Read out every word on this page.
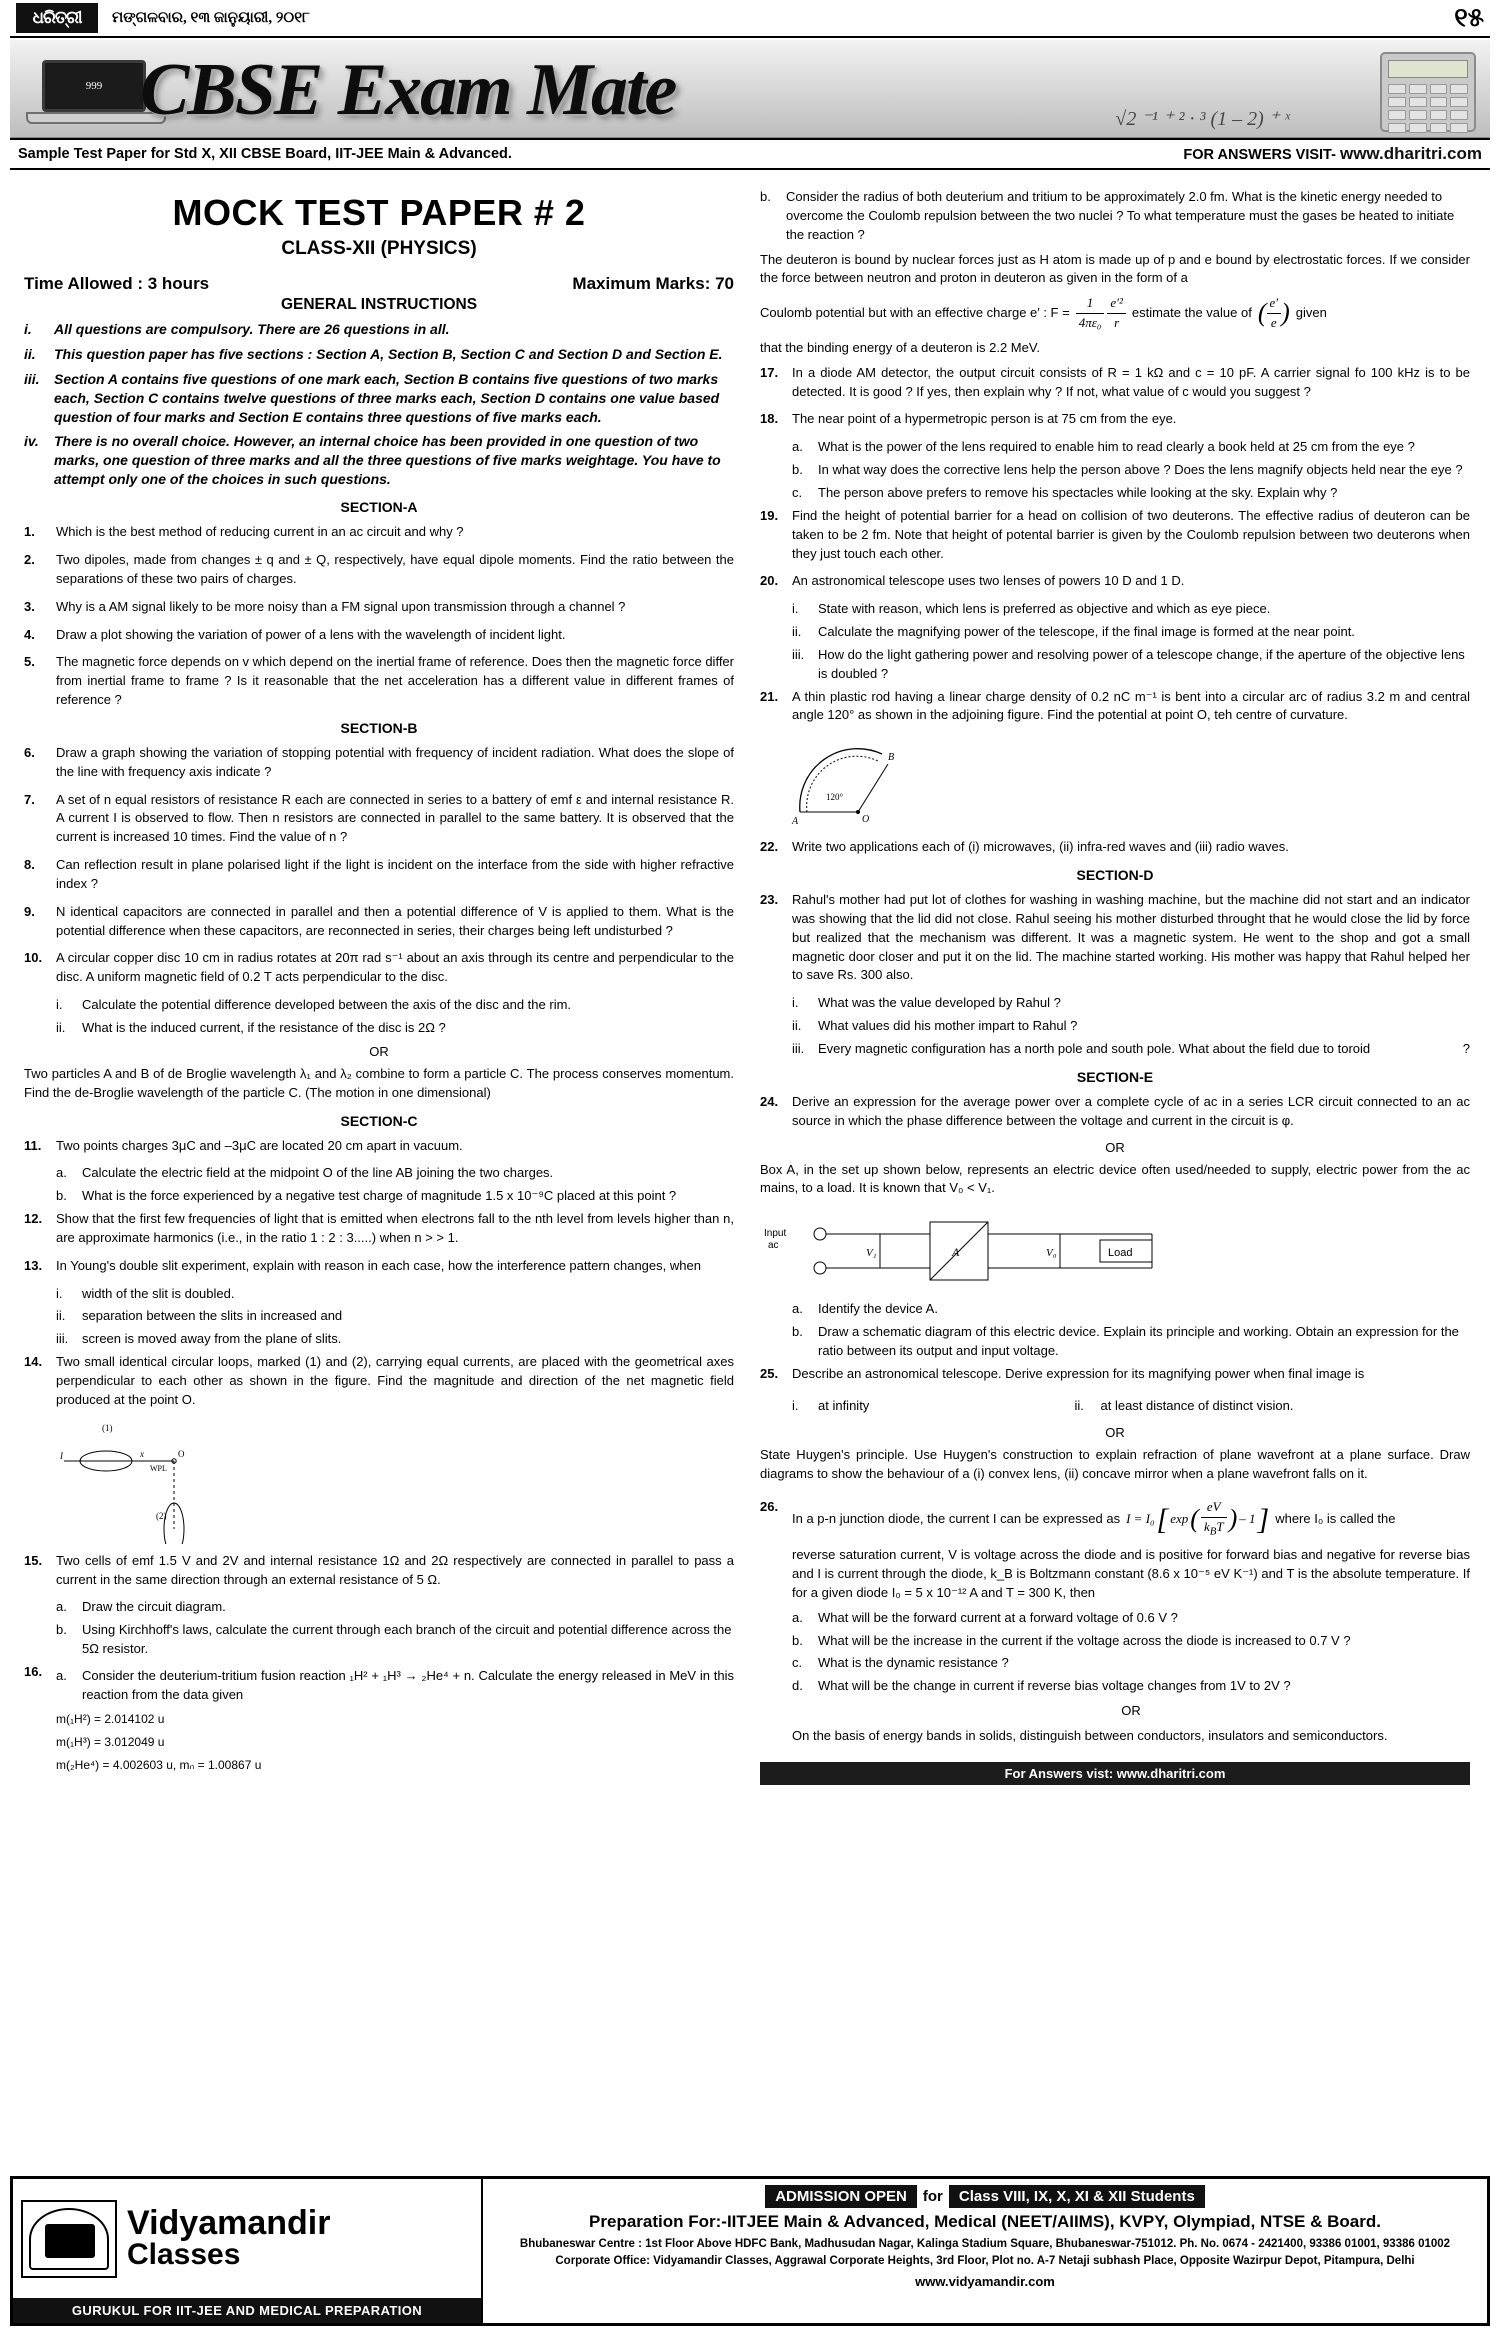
ଧରିତ୍ରୀ	ମଙ୍ଗଳବାର, ୧୩ ଜାନୁୟାରୀ, ୨୦୧୮	୧୫
999 CBSE Exam Mate	√2 ⁻¹ ⁺ ² · ³ (1 – 2) ⁺ ˣ
Sample Test Paper for Std X, XII CBSE Board, IIT-JEE Main & Advanced.	FOR ANSWERS VISIT- www.dharitri.com
MOCK TEST PAPER # 2
CLASS-XII (PHYSICS)
Time Allowed : 3 hours	Maximum Marks: 70
GENERAL INSTRUCTIONS
i.	All questions are compulsory. There are 26 questions in all.
ii.	This question paper has five sections : Section A, Section B, Section C and Section D and Section E.
iii.	Section A contains five questions of one mark each, Section B contains five questions of two marks each, Section C contains twelve questions of three marks each, Section D contains one value based question of four marks and Section E contains three questions of five marks each.
iv.	There is no overall choice. However, an internal choice has been provided in one question of two marks, one question of three marks and all the three questions of five marks weightage. You have to attempt only one of the choices in such questions.
SECTION-A
1.	Which is the best method of reducing current in an ac circuit and why ?
2.	Two dipoles, made from changes ± q and ± Q, respectively, have equal dipole moments. Find the ratio between the separations of these two pairs of charges.
3.	Why is a AM signal likely to be more noisy than a FM signal upon transmission through a channel ?
4.	Draw a plot showing the variation of power of a lens with the wavelength of incident light.
5.	The magnetic force depends on v which depend on the inertial frame of reference. Does then the magnetic force differ from inertial frame to frame ? Is it reasonable that the net acceleration has a different value in different frames of reference ?
SECTION-B
6.	Draw a graph showing the variation of stopping potential with frequency of incident radiation. What does the slope of the line with frequency axis indicate ?
7.	A set of n equal resistors of resistance R each are connected in series to a battery of emf ε and internal resistance R. A current I is observed to flow. Then n resistors are connected in parallel to the same battery. It is observed that the current is increased 10 times. Find the value of n ?
8.	Can reflection result in plane polarised light if the light is incident on the interface from the side with higher refractive index ?
9.	N identical capacitors are connected in parallel and then a potential difference of V is applied to them. What is the potential difference when these capacitors, are reconnected in series, their charges being left undisturbed ?
10.	A circular copper disc 10 cm in radius rotates at 20π rad s⁻¹ about an axis through its centre and perpendicular to the disc. A uniform magnetic field of 0.2 T acts perpendicular to the disc.
i.	Calculate the potential difference developed between the axis of the disc and the rim.
ii.	What is the induced current, if the resistance of the disc is 2Ω ?
OR
Two particles A and B of de Broglie wavelength λ₁ and λ₂ combine to form a particle C. The process conserves momentum. Find the de-Broglie wavelength of the particle C. (The motion in one dimensional)
SECTION-C
11.	Two points charges 3μC and –3μC are located 20 cm apart in vacuum.
a.	Calculate the electric field at the midpoint O of the line AB joining the two charges.
b.	What is the force experienced by a negative test charge of magnitude 1.5 x 10⁻⁹C placed at this point ?
12.	Show that the first few frequencies of light that is emitted when electrons fall to the nth level from levels higher than n, are approximate harmonics (i.e., in the ratio 1 : 2 : 3.....) when n > > 1.
13.	In Young's double slit experiment, explain with reason in each case, how the interference pattern changes, when
i.	width of the slit is doubled.
ii.	separation between the slits in increased and
iii.	screen is moved away from the plane of slits.
14.	Two small identical circular loops, marked (1) and (2), carrying equal currents, are placed with the geometrical axes perpendicular to each other as shown in the figure. Find the magnitude and direction of the net magnetic field produced at the point O.
(1)
I	x	O
WPL
(2)
15.	Two cells of emf 1.5 V and 2V and internal resistance 1Ω and 2Ω respectively are connected in parallel to pass a current in the same direction through an external resistance of 5 Ω.
a.	Draw the circuit diagram.
b.	Using Kirchhoff's laws, calculate the current through each branch of the circuit and potential difference across the 5Ω resistor.
16.	a.	Consider the deuterium-tritium fusion reaction ₁H² + ₁H³ → ₂He⁴ + n. Calculate the energy released in MeV in this reaction from the data given
m(₁H²) = 2.014102 u
m(₁H³) = 3.012049 u
m(₂He⁴) = 4.002603 u, mₙ = 1.00867 u
b.	Consider the radius of both deuterium and tritium to be approximately 2.0 fm. What is the kinetic energy needed to overcome the Coulomb repulsion between the two nuclei ? To what temperature must the gases be heated to initiate the reaction ?
The deuteron is bound by nuclear forces just as H atom is made up of p and e bound by electrostatic forces. If we consider the force between neutron and proton in deuteron as given in the form of a
Coulomb potential but with an effective charge e′ : F =
1
4πε₀
e′²
r
estimate the value of ( e′
e ) given
that the binding energy of a deuteron is 2.2 MeV.
17.	In a diode AM detector, the output circuit consists of R = 1 kΩ and c = 10 pF. A carrier signal fo 100 kHz is to be detected. It is good ? If yes, then explain why ? If not, what value of c would you suggest ?
18.	The near point of a hypermetropic person is at 75 cm from the eye.
a.	What is the power of the lens required to enable him to read clearly a book held at 25 cm from the eye ?
b.	In what way does the corrective lens help the person above ? Does the lens magnify objects held near the eye ?
c.	The person above prefers to remove his spectacles while looking at the sky. Explain why ?
19.	Find the height of potential barrier for a head on collision of two deuterons. The effective radius of deuteron can be taken to be 2 fm. Note that height of potental barrier is given by the Coulomb repulsion between two deuterons when they just touch each other.
20.	An astronomical telescope uses two lenses of powers 10 D and 1 D.
i.	State with reason, which lens is preferred as objective and which as eye piece.
ii.	Calculate the magnifying power of the telescope, if the final image is formed at the near point.
iii.	How do the light gathering power and resolving power of a telescope change, if the aperture of the objective lens is doubled ?
21.	A thin plastic rod having a linear charge density of 0.2 nC m⁻¹ is bent into a circular arc of radius 3.2 m and central angle 120° as shown in the adjoining figure. Find the potential at point O, teh centre of curvature.
B
A	O
120°
22.	Write two applications each of (i) microwaves, (ii) infra-red waves and (iii) radio waves.
SECTION-D
23.	Rahul's mother had put lot of clothes for washing in washing machine, but the machine did not start and an indicator was showing that the lid did not close. Rahul seeing his mother disturbed throught that he would close the lid by force but realized that the mechanism was different. It was a magnetic system. He went to the shop and got a small magnetic door closer and put it on the lid. The machine started working. His mother was happy that Rahul helped her to save Rs. 300 also.
i.	What was the value developed by Rahul ?
ii.	What values did his mother impart to Rahul ?
iii.	Every magnetic configuration has a north pole and south pole. What about the field due to toroid	?
SECTION-E
24.	Derive an expression for the average power over a complete cycle of ac in a series LCR circuit connected to an ac source in which the phase difference between the voltage and current in the circuit is φ.
OR
Box A, in the set up shown below, represents an electric device often used/needed to supply, electric power from the ac mains, to a load. It is known that V₀ < V₁.
Input
ac
V₁	A	V₀	Load
a.	Identify the device A.
b.	Draw a schematic diagram of this electric device. Explain its principle and working. Obtain an expression for the ratio between its output and input voltage.
25.	Describe an astronomical telescope. Derive expression for its magnifying power when final image is
i.	at infinity	ii.	at least distance of distinct vision.
OR
State Huygen's principle. Use Huygen's construction to explain refraction of plane wavefront at a plane surface. Draw diagrams to show the behaviour of a (i) convex lens, (ii) concave mirror when a plane wavefront falls on it.
26.
In a p-n junction diode, the current I can be expressed as I = I₀ [ exp ( eV
$k_BT$ ) – 1 ] where I₀ is called the
reverse saturation current, V is voltage across the diode and is positive for forward bias and negative for reverse bias and I is current through the diode, k_B is Boltzmann constant (8.6 x 10⁻⁵ eV K⁻¹) and T is the absolute temperature. If for a given diode I₀ = 5 x 10⁻¹² A and T = 300 K, then
a.	What will be the forward current at a forward voltage of 0.6 V ?
b.	What will be the increase in the current if the voltage across the diode is increased to 0.7 V ?
c.	What is the dynamic resistance ?
d.	What will be the change in current if reverse bias voltage changes from 1V to 2V ?
OR
On the basis of energy bands in solids, distinguish between conductors, insulators and semiconductors.
For Answers vist: www.dharitri.com
Vidyamandir
Classes
GURUKUL FOR IIT-JEE AND MEDICAL PREPARATION
ADMISSION OPEN	for	Class VIII, IX, X, XI & XII Students
Preparation For:-IITJEE Main & Advanced, Medical (NEET/AIIMS), KVPY, Olympiad, NTSE & Board.
Bhubaneswar Centre : 1st Floor Above HDFC Bank, Madhusudan Nagar, Kalinga Stadium Square, Bhubaneswar-751012. Ph. No. 0674 - 2421400, 93386 01001, 93386 01002
Corporate Office: Vidyamandir Classes, Aggrawal Corporate Heights, 3rd Floor, Plot no. A-7 Netaji subhash Place, Opposite Wazirpur Depot, Pitampura, Delhi
www.vidyamandir.com
